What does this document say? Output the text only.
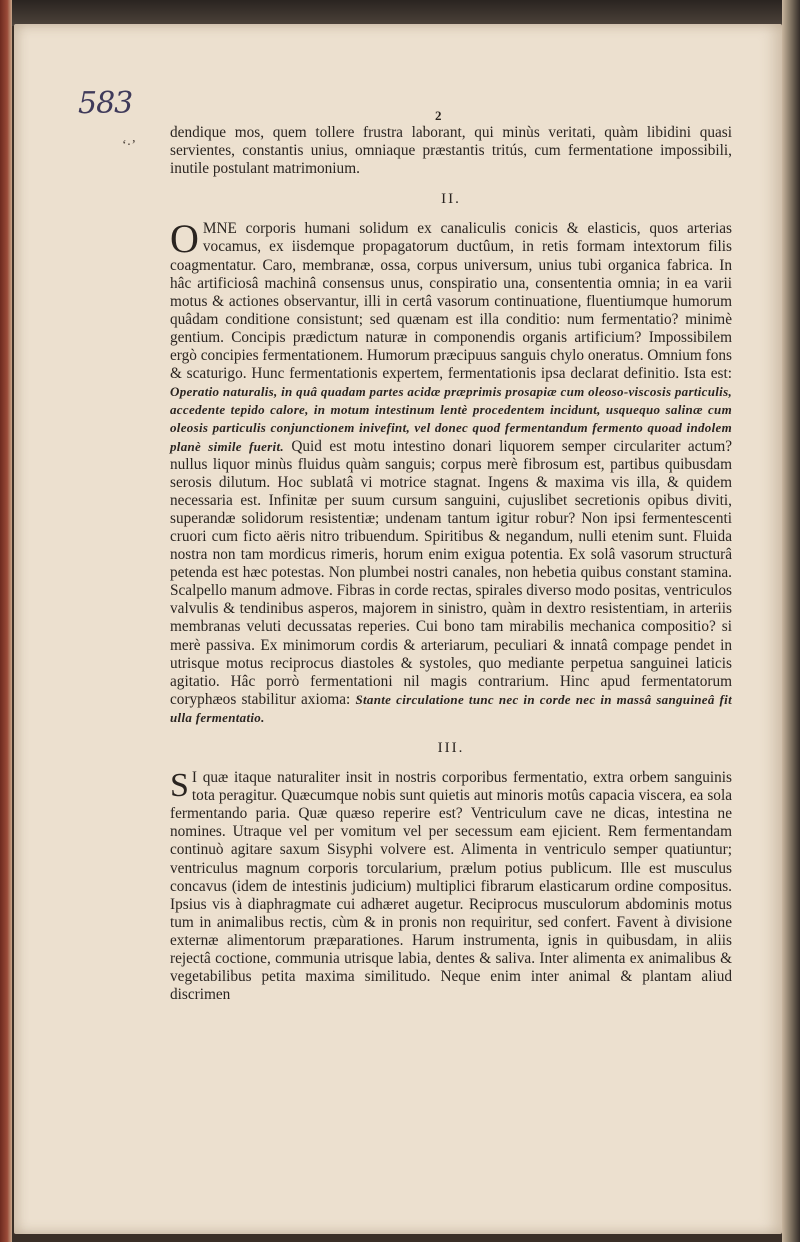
583
‘·’
2

dendique mos, quem tollere frustra laborant, qui minùs veritati, quàm libidini quasi servientes, constantis unius, omniaque præstantis tritús, cum fermentatione impossibili, inutile postulant matrimonium.

II.

O MNE corporis humani solidum ex canaliculis conicis & elasticis, quos arterias vocamus, ex iisdemque propagatorum ductûum, in retis formam intextorum filis coagmentatur. Caro, membranæ, ossa, corpus universum, unius tubi organica fabrica. In hâc artificiosâ machinâ consensus unus, conspiratio una, consententia omnia; in ea varii motus & actiones observantur, illi in certâ vasorum continuatione, fluentiumque humorum quâdam conditione consistunt; sed quænam est illa conditio: num fermentatio? minimè gentium. Concipis prædictum naturæ in componendis organis artificium? Impossibilem ergò concipies fermentationem. Humorum præcipuus sanguis chylo oneratus. Omnium fons & scaturigo. Hunc fermentationis expertem, fermentationis ipsa declarat definitio. Ista est: Operatio naturalis, in quâ quadam partes acidæ præprimis prosapiæ cum oleoso-viscosis particulis, accedente tepido calore, in motum intestinum lentè procedentem incidunt, usquequo salinæ cum oleosis particulis conjunctionem inivefint, vel donec quod fermentandum fermento quoad indolem planè simile fuerit. Quid est motu intestino donari liquorem semper circulariter actum? nullus liquor minùs fluidus quàm sanguis; corpus merè fibrosum est, partibus quibusdam serosis dilutum. Hoc sublatâ vi motrice stagnat. Ingens & maxima vis illa, & quidem necessaria est. Infinitæ per suum cursum sanguini, cujuslibet secretionis opibus diviti, superandæ solidorum resistentiæ; undenam tantum igitur robur? Non ipsi fermentescenti cruori cum ficto aëris nitro tribuendum. Spiritibus & negandum, nulli etenim sunt. Fluida nostra non tam mordicus rimeris, horum enim exigua potentia. Ex solâ vasorum structurâ petenda est hæc potestas. Non plumbei nostri canales, non hebetia quibus constant stamina. Scalpello manum admove. Fibras in corde rectas, spirales diverso modo positas, ventriculos valvulis & tendinibus asperos, majorem in sinistro, quàm in dextro resistentiam, in arteriis membranas veluti decussatas reperies. Cui bono tam mirabilis mechanica compositio? si merè passiva. Ex minimorum cordis & arteriarum, peculiari & innatâ compage pendet in utrisque motus reciprocus diastoles & systoles, quo mediante perpetua sanguinei laticis agitatio. Hâc porrò fermentationi nil magis contrarium. Hinc apud fermentatorum coryphæos stabilitur axioma: Stante circulatione tunc nec in corde nec in massâ sanguineâ fit ulla fermentatio.

III.

S I quæ itaque naturaliter insit in nostris corporibus fermentatio, extra orbem sanguinis tota peragitur. Quæcumque nobis sunt quietis aut minoris motûs capacia viscera, ea sola fermentando paria. Quæ quæso reperire est? Ventriculum cave ne dicas, intestina ne nomines. Utraque vel per vomitum vel per secessum eam ejicient. Rem fermentandam continuò agitare saxum Sisyphi volvere est. Alimenta in ventriculo semper quatiuntur; ventriculus magnum corporis torcularium, prælum potius publicum. Ille est musculus concavus (idem de intestinis judicium) multiplici fibrarum elasticarum ordine compositus. Ipsius vis à diaphragmate cui adhæret augetur. Reciprocus musculorum abdominis motus tum in animalibus rectis, cùm & in pronis non requiritur, sed confert. Favent à divisione externæ alimentorum præparationes. Harum instrumenta, ignis in quibusdam, in aliis rejectâ coctione, communia utrisque labia, dentes & saliva. Inter alimenta ex animalibus & vegetabilibus petita maxima similitudo. Neque enim inter animal & plantam aliud discrimen
